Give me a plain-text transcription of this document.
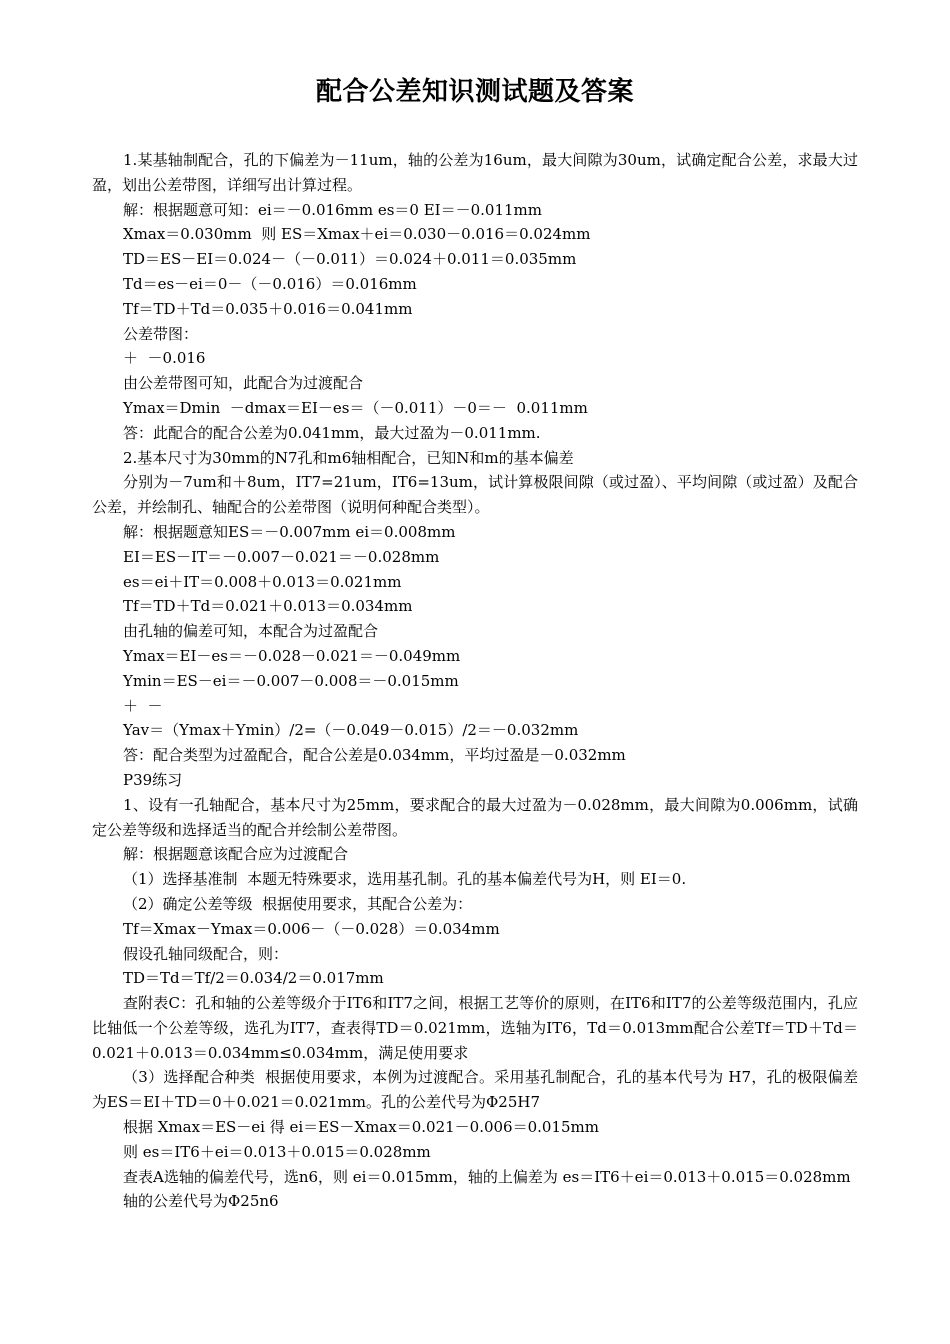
配合公差知识测试题及答案

1.某基轴制配合，孔的下偏差为－11um，轴的公差为16um，最大间隙为30um，试确定配合公差，求最大过盈，划出公差带图，详细写出计算过程。

解：根据题意可知：ei＝－0.016mm es＝0 EI＝－0.011mm

Xmax＝0.030mm  则 ES＝Xmax＋ei＝0.030－0.016＝0.024mm

TD＝ES－EI＝0.024－（－0.011）＝0.024＋0.011＝0.035mm

Td＝es－ei＝0－（－0.016）＝0.016mm

Tf＝TD＋Td＝0.035＋0.016＝0.041mm

公差带图：

＋  －0.016

由公差带图可知，此配合为过渡配合

Ymax＝Dmin  －dmax＝EI－es＝（－0.011）－0＝－  0.011mm

答：此配合的配合公差为0.041mm，最大过盈为－0.011mm.

2.基本尺寸为30mm的N7孔和m6轴相配合，已知N和m的基本偏差

分别为－7um和＋8um，IT7=21um，IT6=13um，试计算极限间隙（或过盈）、平均间隙（或过盈）及配合公差，并绘制孔、轴配合的公差带图（说明何种配合类型）。

解：根据题意知ES＝－0.007mm ei＝0.008mm

EI＝ES－IT＝－0.007－0.021＝－0.028mm

es＝ei＋IT＝0.008＋0.013＝0.021mm

Tf＝TD＋Td＝0.021＋0.013＝0.034mm

由孔轴的偏差可知，本配合为过盈配合

Ymax＝EI－es＝－0.028－0.021＝－0.049mm

Ymin＝ES－ei＝－0.007－0.008＝－0.015mm

＋  －

Yav＝（Ymax＋Ymin）/2=（－0.049－0.015）/2＝－0.032mm

答：配合类型为过盈配合，配合公差是0.034mm，平均过盈是－0.032mm

P39练习

1、设有一孔轴配合，基本尺寸为25mm，要求配合的最大过盈为－0.028mm，最大间隙为0.006mm，试确定公差等级和选择适当的配合并绘制公差带图。

解：根据题意该配合应为过渡配合

（1）选择基准制  本题无特殊要求，选用基孔制。孔的基本偏差代号为H，则 EI＝0.

（2）确定公差等级  根据使用要求，其配合公差为：

Tf＝Xmax－Ymax＝0.006－（－0.028）＝0.034mm

假设孔轴同级配合，则：

TD＝Td＝Tf/2＝0.034/2＝0.017mm

查附表C：孔和轴的公差等级介于IT6和IT7之间，根据工艺等价的原则，在IT6和IT7的公差等级范围内，孔应比轴低一个公差等级，选孔为IT7，查表得TD＝0.021mm，选轴为IT6，Td＝0.013mm配合公差Tf＝TD＋Td＝0.021＋0.013＝0.034mm≤0.034mm，满足使用要求

（3）选择配合种类  根据使用要求，本例为过渡配合。采用基孔制配合，孔的基本代号为 H7，孔的极限偏差为ES＝EI＋TD＝0＋0.021＝0.021mm。孔的公差代号为Φ25H7

根据 Xmax＝ES－ei 得 ei＝ES－Xmax＝0.021－0.006＝0.015mm

则 es＝IT6＋ei＝0.013＋0.015＝0.028mm

查表A选轴的偏差代号，选n6，则 ei＝0.015mm，轴的上偏差为 es＝IT6＋ei＝0.013＋0.015＝0.028mm

轴的公差代号为Φ25n6
